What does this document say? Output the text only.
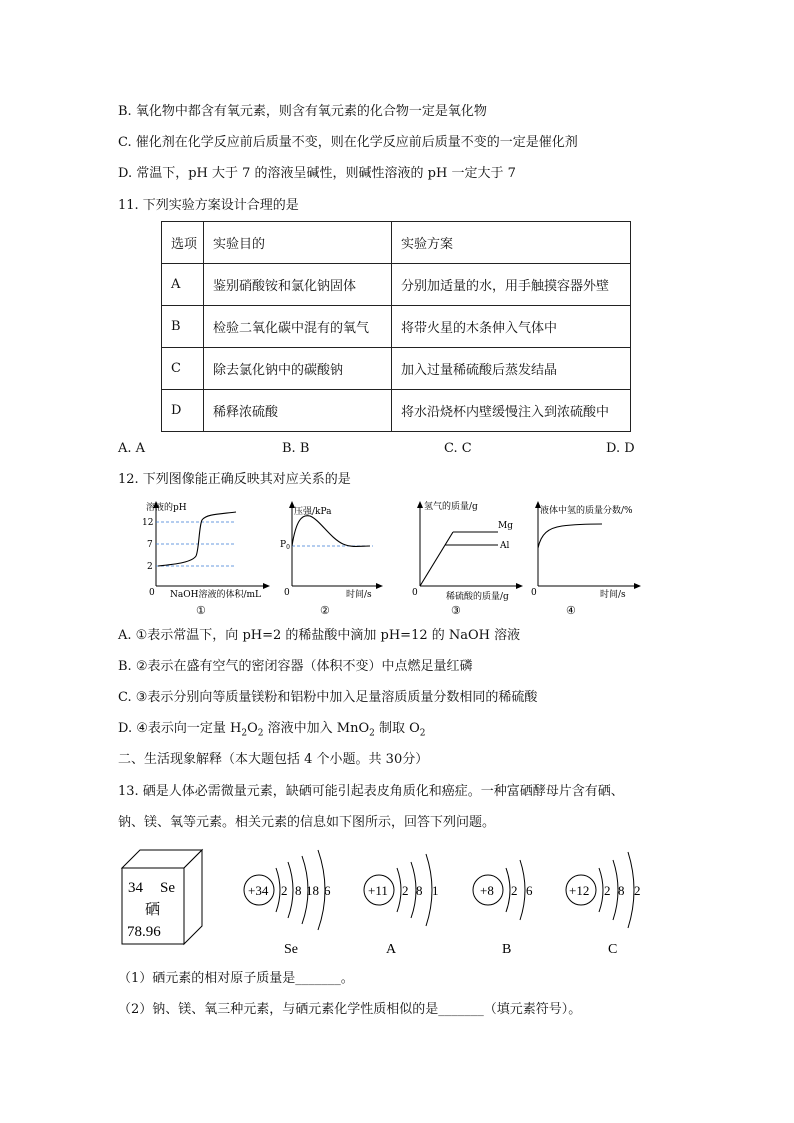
B. 氧化物中都含有氧元素，则含有氧元素的化合物一定是氧化物
C. 催化剂在化学反应前后质量不变，则在化学反应前后质量不变的一定是催化剂
D. 常温下，pH 大于 7 的溶液呈碱性，则碱性溶液的 pH 一定大于 7
11. 下列实验方案设计合理的是
选项	实验目的	实验方案
A	鉴别硝酸铵和氯化钠固体	分别加适量的水，用手触摸容器外壁
B	检验二氧化碳中混有的氧气	将带火星的木条伸入气体中
C	除去氯化钠中的碳酸钠	加入过量稀硫酸后蒸发结晶
D	稀释浓硫酸	将水沿烧杯内壁缓慢注入到浓硫酸中
A. A	B. B	C. C	D. D
12. 下列图像能正确反映其对应关系的是
溶液的pH
12
7
2
0 NaOH溶液的体积/mL
①
压强/kPa
$P_0$
0	时间/s
②
氢气的质量/g
Mg
Al
0	稀硫酸的质量/g
③
液体中氢的质量分数/%
0	时间/s
④
A. ①表示常温下，向 pH=2 的稀盐酸中滴加 pH=12 的 NaOH 溶液
B. ②表示在盛有空气的密闭容器（体积不变）中点燃足量红磷
C. ③表示分别向等质量镁粉和铝粉中加入足量溶质质量分数相同的稀硫酸
D. ④表示向一定量 $H_2O_2$ 溶液中加入 MnO$_2$ 制取 $O_2$
二、生活现象解释（本大题包括 4 个小题。共 30分）
13. 硒是人体必需微量元素，缺硒可能引起表皮角质化和癌症。一种富硒酵母片含有硒、
钠、镁、氧等元素。相关元素的信息如下图所示，回答下列问题。
34 Se
硒
78.96
+34 2 8 18 6
Se
+11 2 8 1
A
+8 2 6
B
+12 2 8 2
C
（1）硒元素的相对原子质量是_______。
（2）钠、镁、氧三种元素，与硒元素化学性质相似的是_______（填元素符号）。
